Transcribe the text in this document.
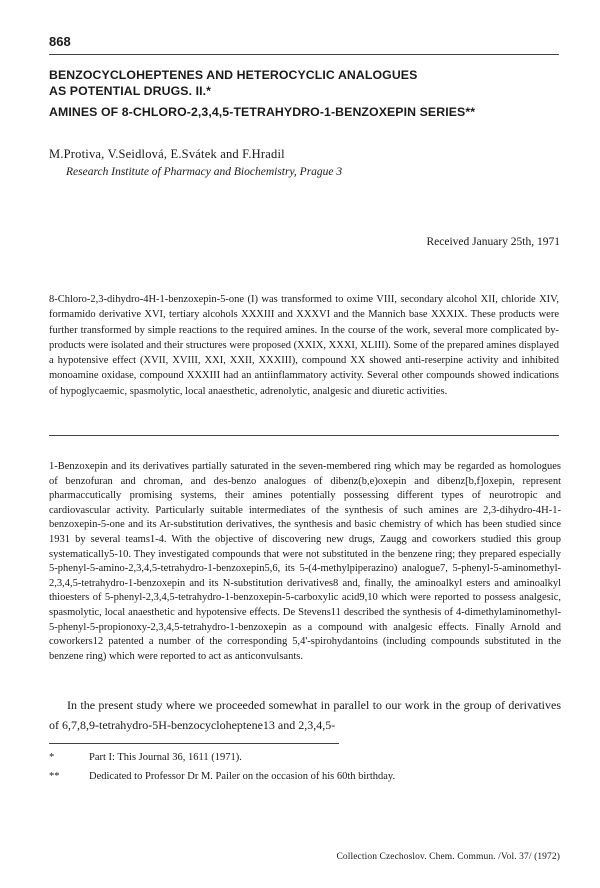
868
BENZOCYCLOHEPTENES AND HETEROCYCLIC ANALOGUES
AS POTENTIAL DRUGS. II.*
AMINES OF 8-CHLORO-2,3,4,5-TETRAHYDRO-1-BENZOXEPIN SERIES**
M.Protiva, V.Seidlová, E.Svátek and F.Hradil
Research Institute of Pharmacy and Biochemistry, Prague 3
Received January 25th, 1971

8-Chloro-2,3-dihydro-4H-1-benzoxepin-5-one (I) was transformed to oxime VIII, secondary alcohol XII, chloride XIV, formamido derivative XVI, tertiary alcohols XXXIII and XXXVI and the Mannich base XXXIX. These products were further transformed by simple reactions to the required amines. In the course of the work, several more complicated by-products were isolated and their structures were proposed (XXIX, XXXI, XLIII). Some of the prepared amines displayed a hypotensive effect (XVII, XVIII, XXI, XXII, XXXIII), compound XX showed anti-reserpine activity and inhibited monoamine oxidase, compound XXXIII had an antiinflammatory activity. Several other compounds showed indications of hypoglycaemic, spasmolytic, local anaesthetic, adrenolytic, analgesic and diuretic activities.

1-Benzoxepin and its derivatives partially saturated in the seven-membered ring which may be regarded as homologues of benzofuran and chroman, and des-benzo analogues of dibenz(b,e)oxepin and dibenz[b,f]oxepin, represent pharmaccutically promising systems, their amines potentially possessing different types of neurotropic and cardiovascular activity. Particularly suitable intermediates of the synthesis of such amines are 2,3-dihydro-4H-1-benzoxepin-5-one and its Ar-substitution derivatives, the synthesis and basic chemistry of which has been studied since 1931 by several teams1-4. With the objective of discovering new drugs, Zaugg and coworkers studied this group systematically5-10. They investigated compounds that were not substituted in the benzene ring; they prepared especially 5-phenyl-5-amino-2,3,4,5-tetrahydro-1-benzoxepin5,6, its 5-(4-methylpiperazino) analogue7, 5-phenyl-5-aminomethyl-2,3,4,5-tetrahydro-1-benzoxepin and its N-substitution derivatives8 and, finally, the aminoalkyl esters and aminoalkyl thioesters of 5-phenyl-2,3,4,5-tetrahydro-1-benzoxepin-5-carboxylic acid9,10 which were reported to possess analgesic, spasmolytic, local anaesthetic and hypotensive effects. De Stevens11 described the synthesis of 4-dimethylaminomethyl-5-phenyl-5-propionoxy-2,3,4,5-tetrahydro-1-benzoxepin as a compound with analgesic effects. Finally Arnold and coworkers12 patented a number of the corresponding 5,4'-spirohydantoins (including compounds substituted in the benzene ring) which were reported to act as anticonvulsants.

In the present study where we proceeded somewhat in parallel to our work in the group of derivatives of 6,7,8,9-tetrahydro-5H-benzocycloheptene13 and 2,3,4,5-

*	Part I: This Journal 36, 1611 (1971).
**	Dedicated to Professor Dr M. Pailer on the occasion of his 60th birthday.
Collection Czechoslov. Chem. Commun. /Vol. 37/ (1972)
